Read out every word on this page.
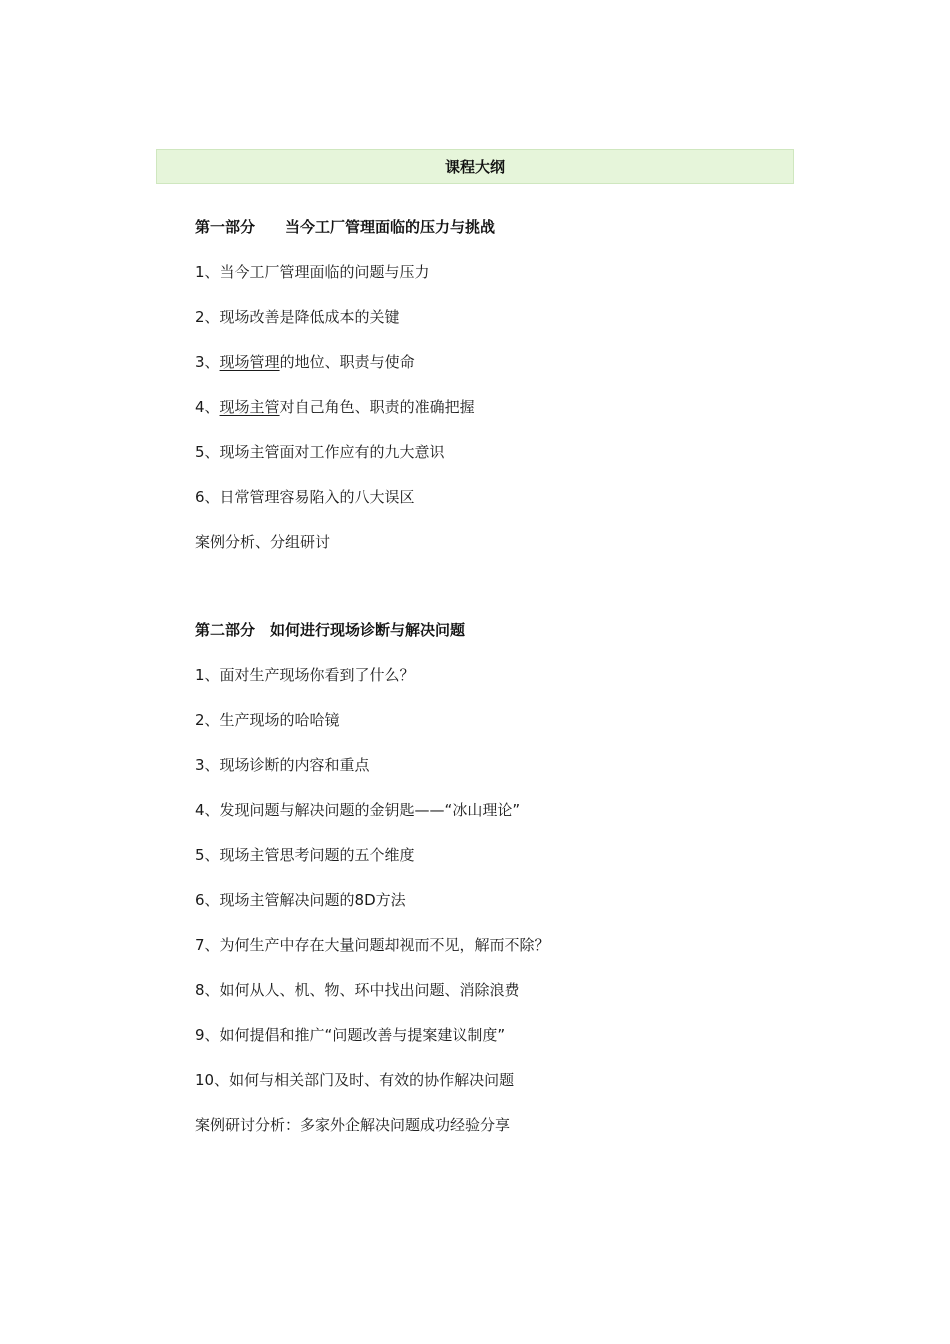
课程大纲
第一部分　　当今工厂管理面临的压力与挑战
1、当今工厂管理面临的问题与压力
2、现场改善是降低成本的关键
3、现场管理的地位、职责与使命
4、现场主管对自己角色、职责的准确把握
5、现场主管面对工作应有的九大意识
6、日常管理容易陷入的八大误区
案例分析、分组研讨
第二部分　如何进行现场诊断与解决问题
1、面对生产现场你看到了什么？
2、生产现场的哈哈镜
3、现场诊断的内容和重点
4、发现问题与解决问题的金钥匙——“冰山理论”
5、现场主管思考问题的五个维度
6、现场主管解决问题的8D方法
7、为何生产中存在大量问题却视而不见，解而不除？
8、如何从人、机、物、环中找出问题、消除浪费
9、如何提倡和推广“问题改善与提案建议制度”
10、如何与相关部门及时、有效的协作解决问题
案例研讨分析：多家外企解决问题成功经验分享
